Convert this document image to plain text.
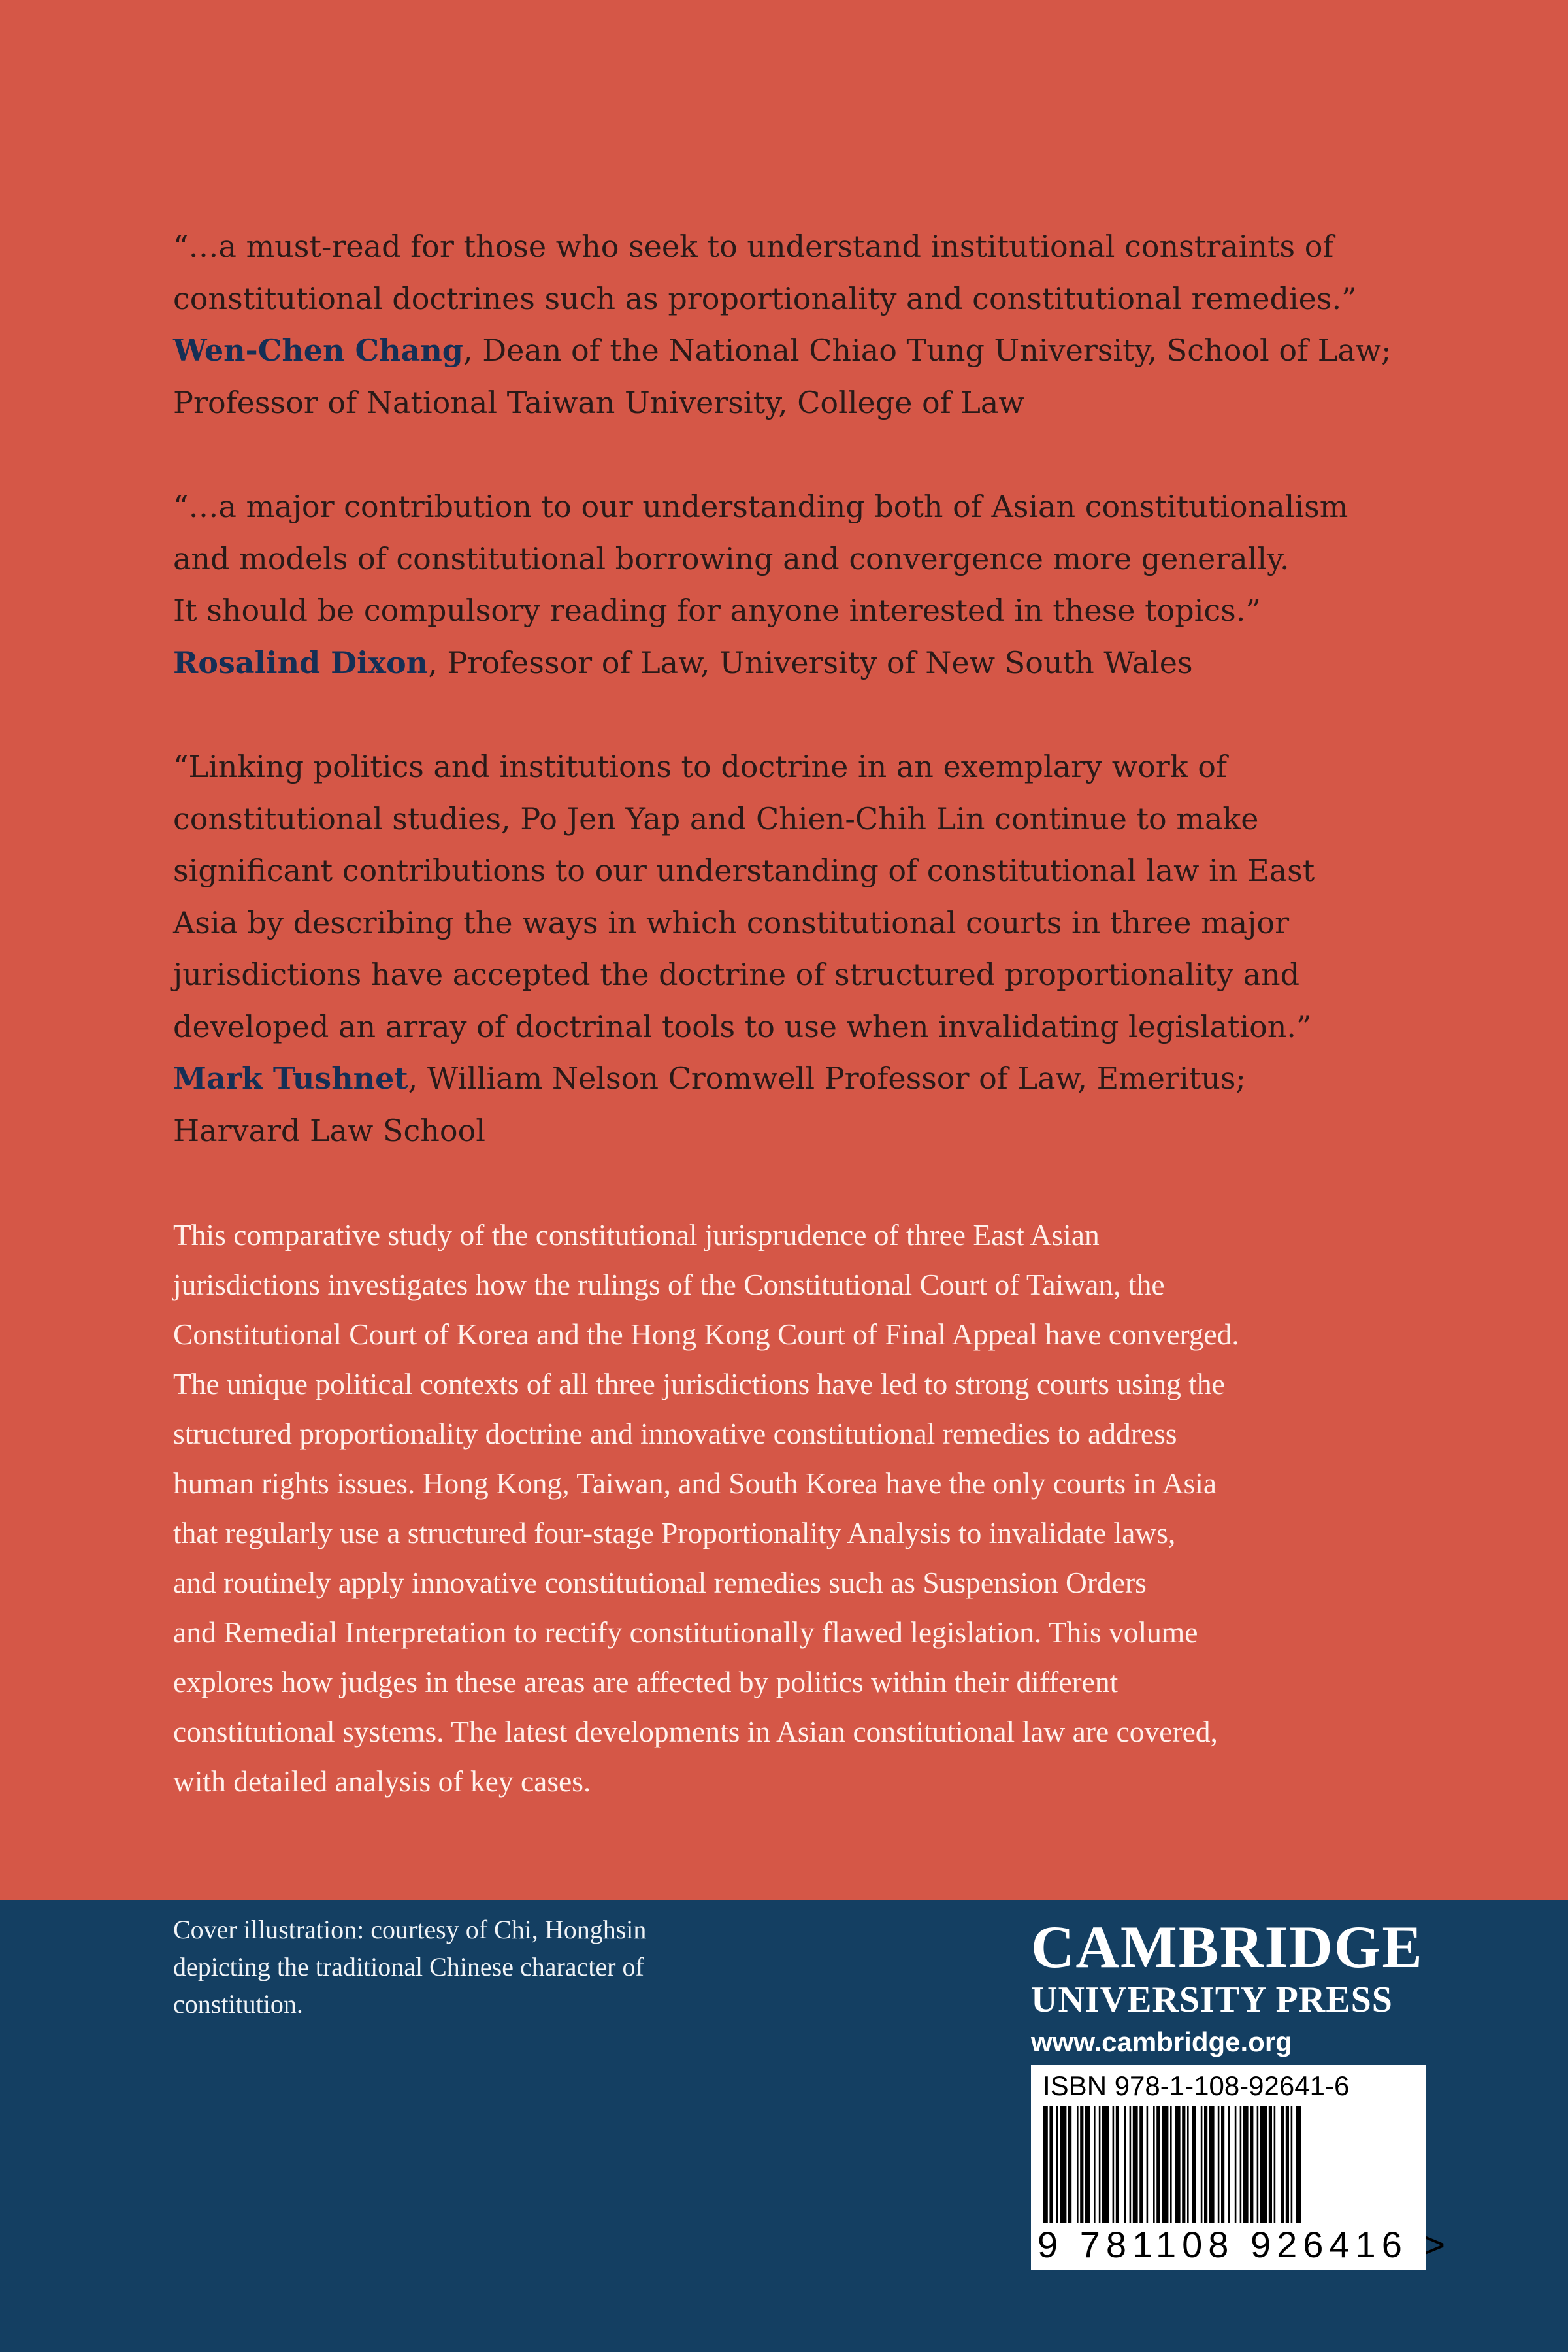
“…a must-read for those who seek to understand institutional constraints of
constitutional doctrines such as proportionality and constitutional remedies.”
Wen-Chen Chang, Dean of the National Chiao Tung University, School of Law;
Professor of National Taiwan University, College of Law
“…a major contribution to our understanding both of Asian constitutionalism
and models of constitutional borrowing and convergence more generally.
It should be compulsory reading for anyone interested in these topics.”
Rosalind Dixon, Professor of Law, University of New South Wales
“Linking politics and institutions to doctrine in an exemplary work of
constitutional studies, Po Jen Yap and Chien-Chih Lin continue to make
significant contributions to our understanding of constitutional law in East
Asia by describing the ways in which constitutional courts in three major
jurisdictions have accepted the doctrine of structured proportionality and
developed an array of doctrinal tools to use when invalidating legislation.”
Mark Tushnet, William Nelson Cromwell Professor of Law, Emeritus;
Harvard Law School
This comparative study of the constitutional jurisprudence of three East Asian
jurisdictions investigates how the rulings of the Constitutional Court of Taiwan, the
Constitutional Court of Korea and the Hong Kong Court of Final Appeal have converged.
The unique political contexts of all three jurisdictions have led to strong courts using the
structured proportionality doctrine and innovative constitutional remedies to address
human rights issues. Hong Kong, Taiwan, and South Korea have the only courts in Asia
that regularly use a structured four-stage Proportionality Analysis to invalidate laws,
and routinely apply innovative constitutional remedies such as Suspension Orders
and Remedial Interpretation to rectify constitutionally flawed legislation. This volume
explores how judges in these areas are affected by politics within their different
constitutional systems. The latest developments in Asian constitutional law are covered,
with detailed analysis of key cases.
Cover illustration: courtesy of Chi, Honghsin
depicting the traditional Chinese character of
constitution.
CAMBRIDGE
UNIVERSITY PRESS
www.cambridge.org
ISBN 978-1-108-92641-6
9 781108 926416 >
